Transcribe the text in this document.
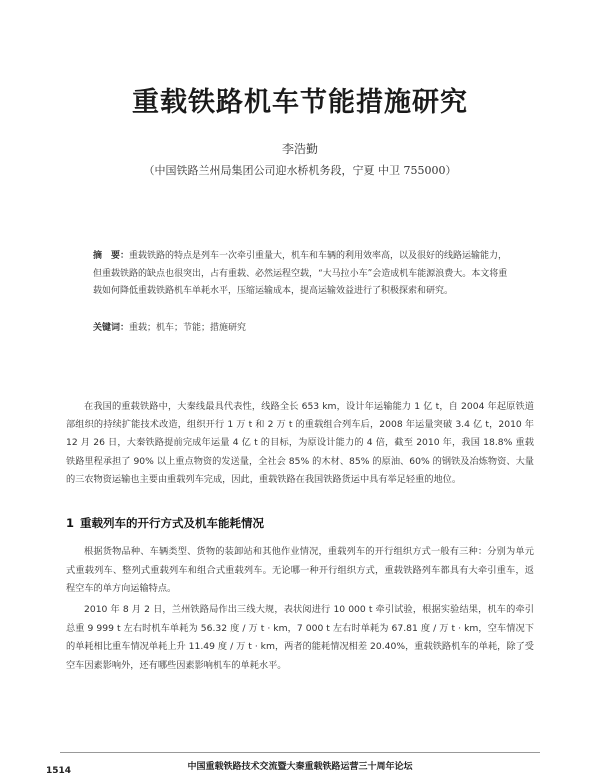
重载铁路机车节能措施研究
李浩勤
（中国铁路兰州局集团公司迎水桥机务段，宁夏 中卫 755000）
摘　要：重载铁路的特点是列车一次牵引重量大，机车和车辆的利用效率高，以及很好的线路运输能力，但重载铁路的缺点也很突出，占有重载、必然运程空载，“大马拉小车”会造成机车能源浪费大。本文将重载如何降低重载铁路机车单耗水平，压缩运输成本，提高运输效益进行了积极探索和研究。
关键词：重载；机车；节能；措施研究
在我国的重载铁路中，大秦线最具代表性，线路全长 653 km，设计年运输能力 1 亿 t，自 2004 年起原铁道部组织的持续扩能技术改造，组织开行 1 万 t 和 2 万 t 的重载组合列车后，2008 年运量突破 3.4 亿 t，2010 年 12 月 26 日，大秦铁路提前完成年运量 4 亿 t 的目标，为原设计能力的 4 倍，截至 2010 年，我国 18.8% 重载铁路里程承担了 90% 以上重点物资的发送量，全社会 85% 的木材、85% 的原油、60% 的钢铁及冶炼物资、大量的三农物资运输也主要由重载列车完成，因此，重载铁路在我国铁路货运中具有举足轻重的地位。
1 重载列车的开行方式及机车能耗情况
根据货物品种、车辆类型、货物的装卸站和其他作业情况，重载列车的开行组织方式一般有三种：分别为单元式重载列车、整列式重载列车和组合式重载列车。无论哪一种开行组织方式，重载铁路列车都具有大牵引重车，返程空车的单方向运输特点。
2010 年 8 月 2 日，兰州铁路局作出三线大规，表状阅进行 10 000 t 牵引试验，根据实验结果，机车的牵引总重 9 999 t 左右时机车单耗为 56.32 度 / 万 t · km，7 000 t 左右时单耗为 67.81 度 / 万 t · km，空车情况下的单耗相比重车情况单耗上升 11.49 度 / 万 t · km，两者的能耗情况相差 20.40%，重载铁路机车的单耗，除了受空车因素影响外，还有哪些因素影响机车的单耗水平。
中国重载铁路技术交流暨大秦重载铁路运营三十周年论坛
1514
